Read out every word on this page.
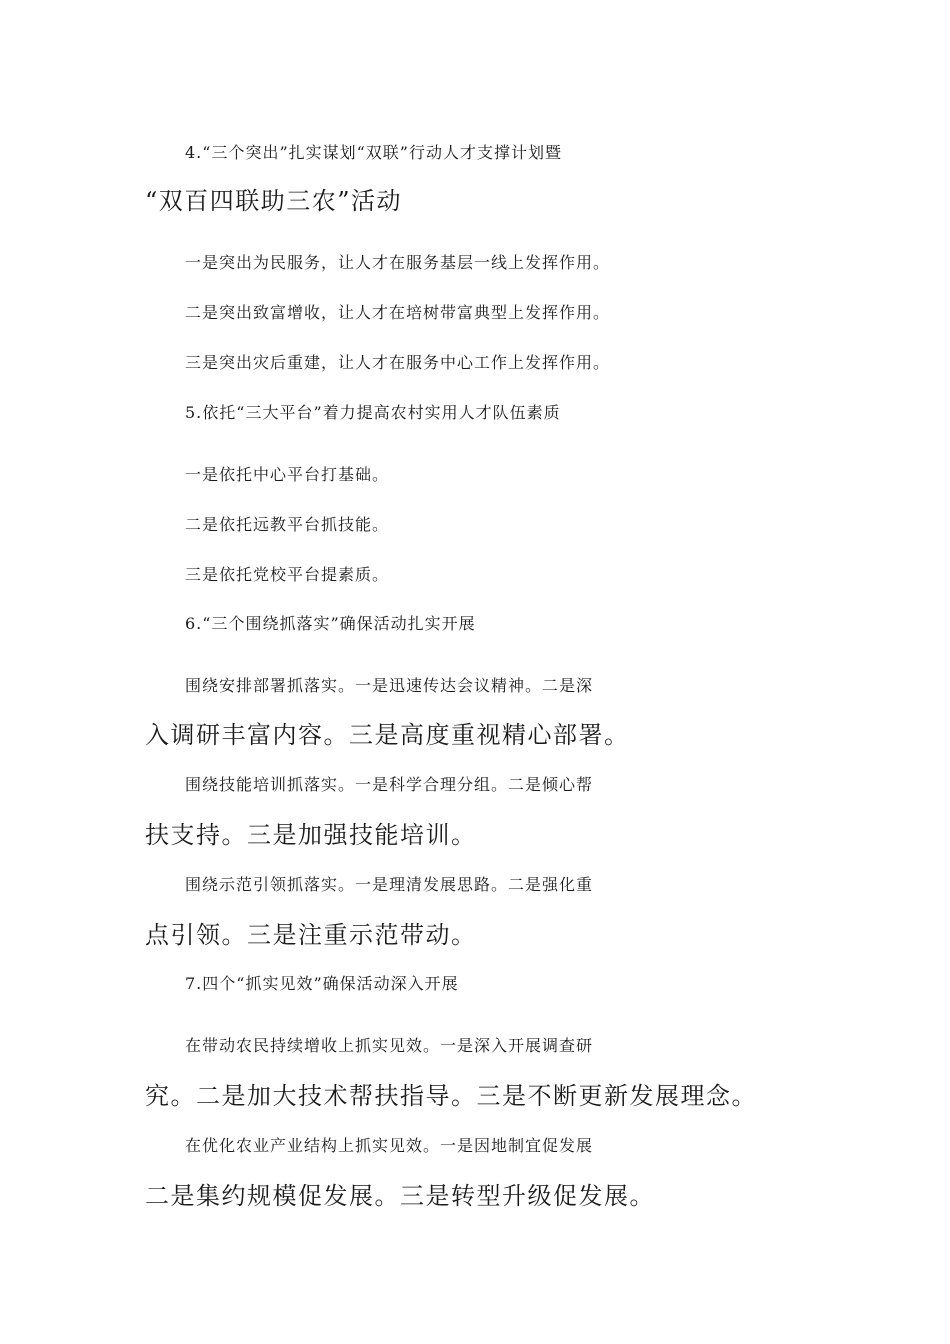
4.“三个突出”扎实谋划“双联”行动人才支撑计划暨
“双百四联助三农”活动
一是突出为民服务，让人才在服务基层一线上发挥作用。
二是突出致富增收，让人才在培树带富典型上发挥作用。
三是突出灾后重建，让人才在服务中心工作上发挥作用。
5.依托“三大平台”着力提高农村实用人才队伍素质
一是依托中心平台打基础。
二是依托远教平台抓技能。
三是依托党校平台提素质。
6.“三个围绕抓落实”确保活动扎实开展
围绕安排部署抓落实。一是迅速传达会议精神。二是深
入调研丰富内容。三是高度重视精心部署。
围绕技能培训抓落实。一是科学合理分组。二是倾心帮
扶支持。三是加强技能培训。
围绕示范引领抓落实。一是理清发展思路。二是强化重
点引领。三是注重示范带动。
7.四个“抓实见效”确保活动深入开展
在带动农民持续增收上抓实见效。一是深入开展调查研
究。二是加大技术帮扶指导。三是不断更新发展理念。
在优化农业产业结构上抓实见效。一是因地制宜促发展
二是集约规模促发展。三是转型升级促发展。
